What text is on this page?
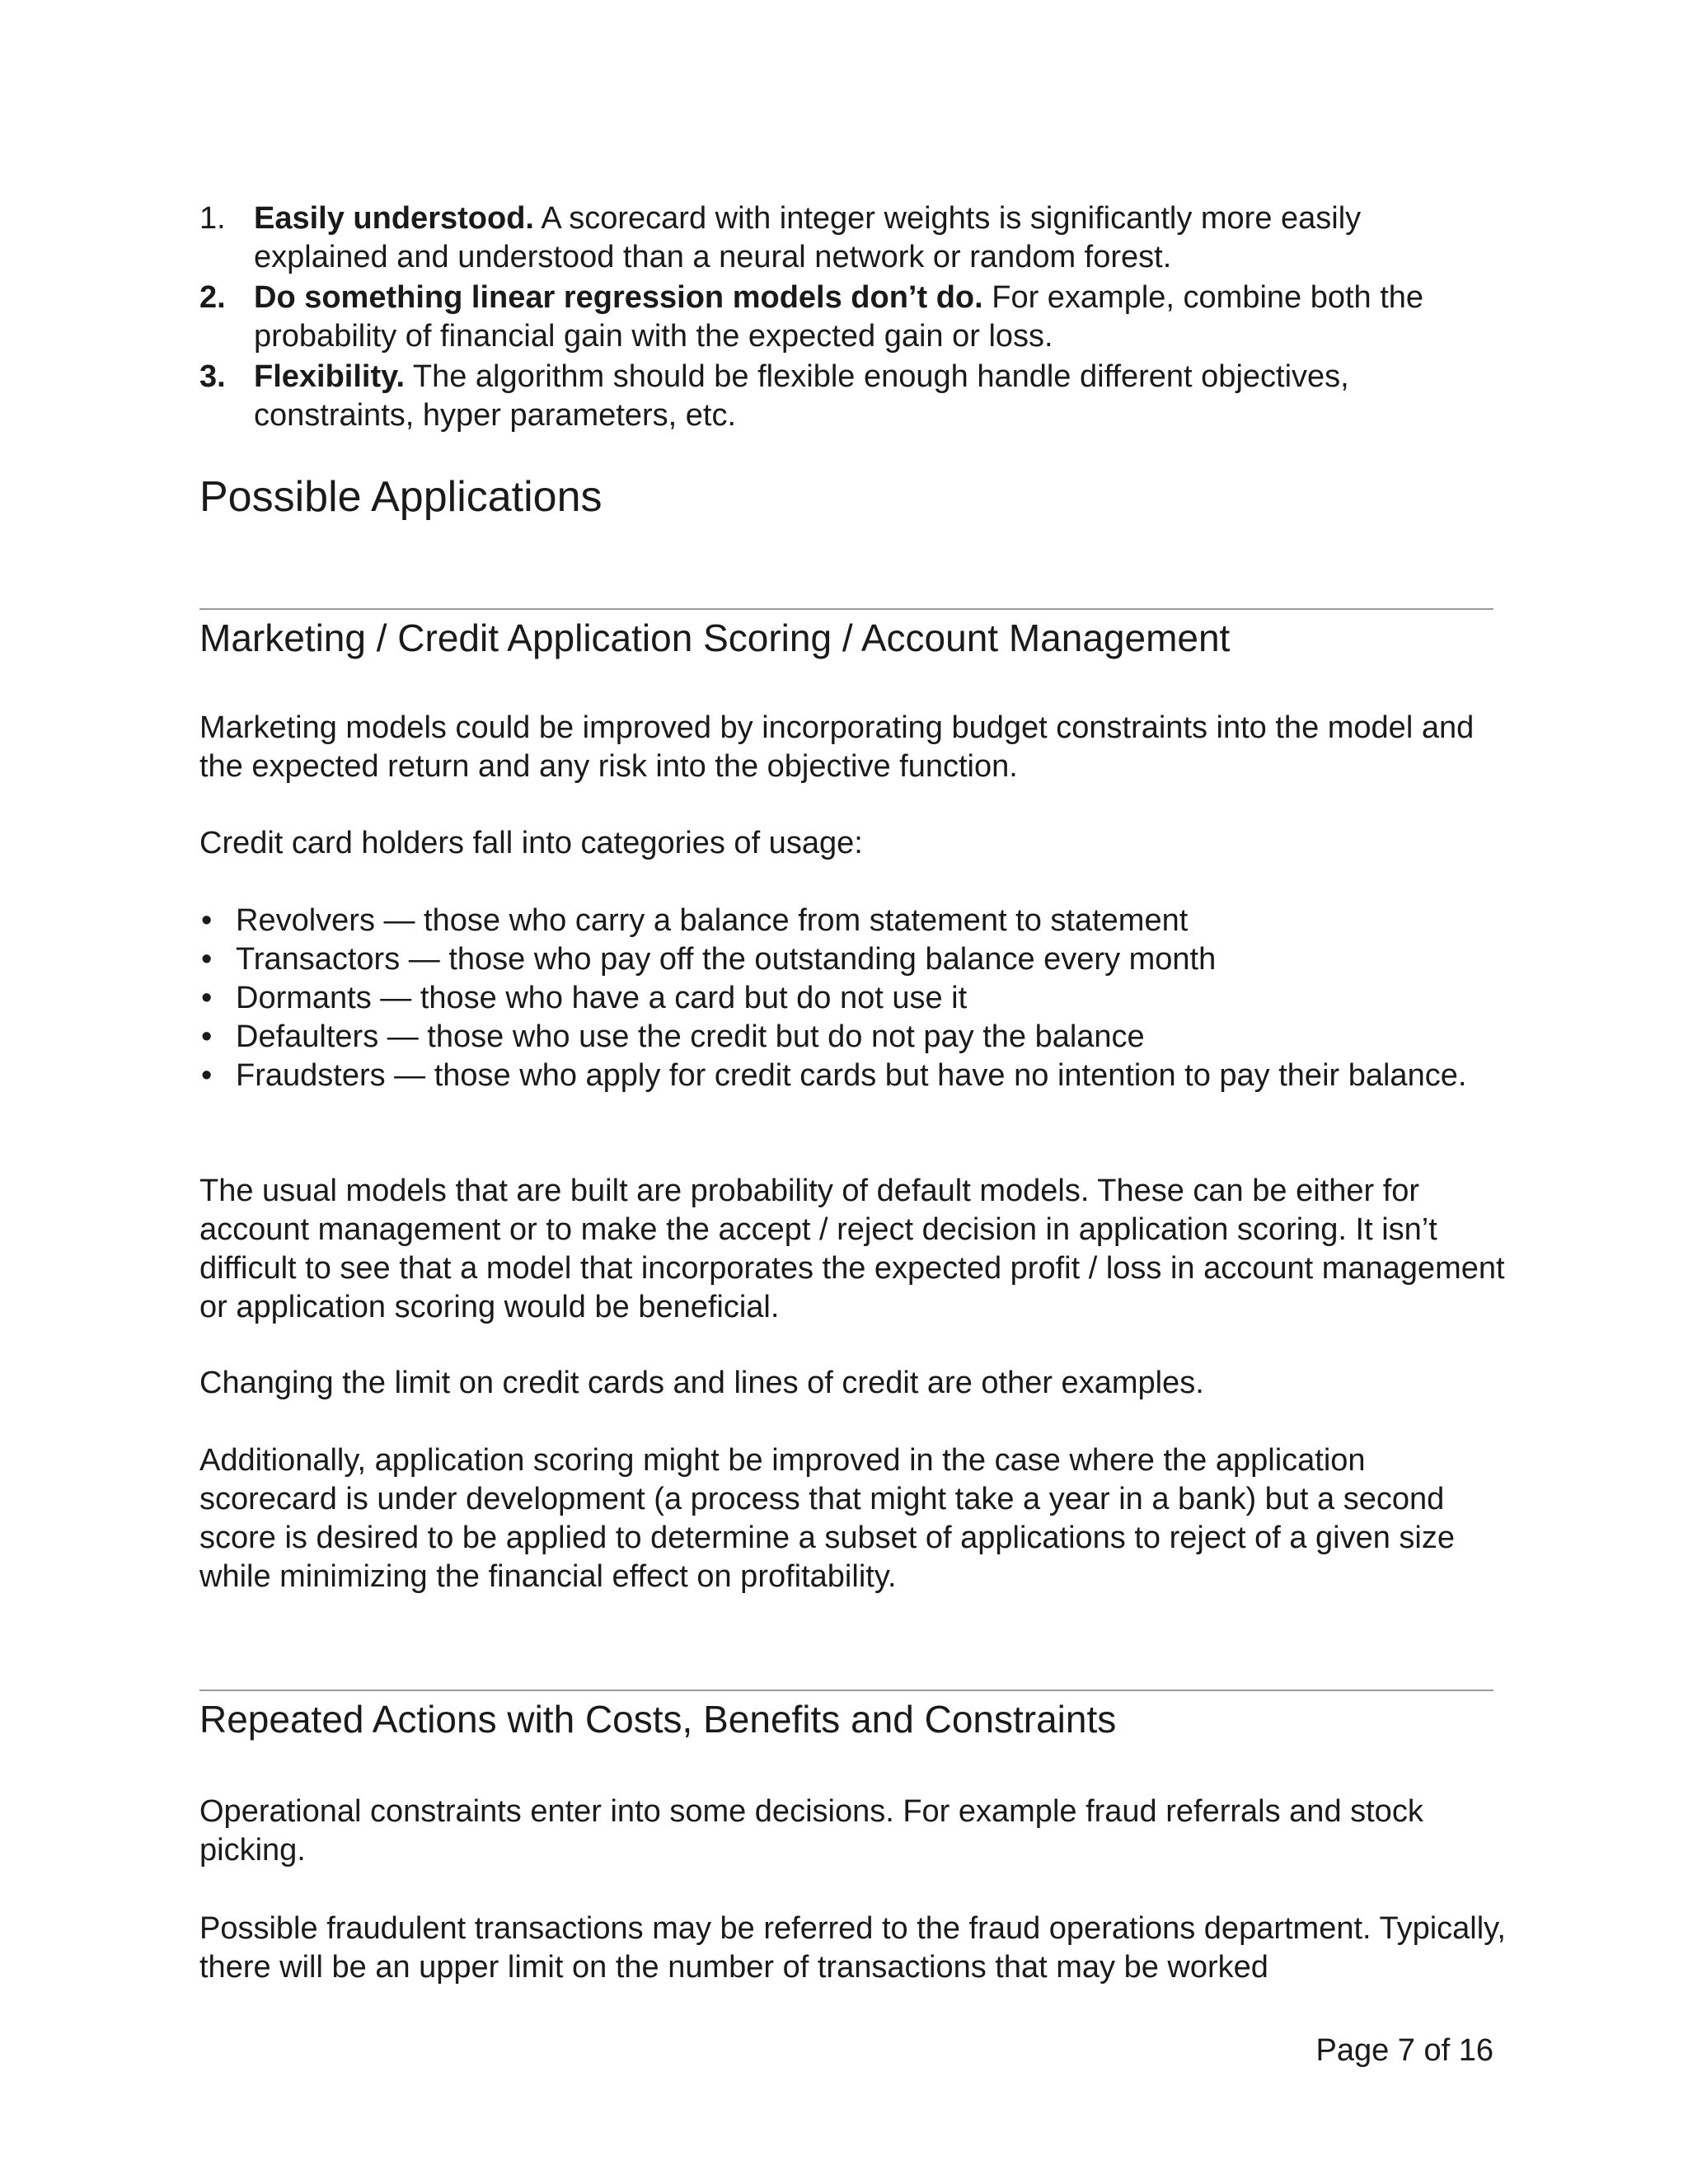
1. Easily understood. A scorecard with integer weights is significantly more easily explained and understood than a neural network or random forest.
2. Do something linear regression models don’t do. For example, combine both the probability of financial gain with the expected gain or loss.
3. Flexibility. The algorithm should be flexible enough handle different objectives, constraints, hyper parameters, etc.
Possible Applications
Marketing / Credit Application Scoring / Account Management

Marketing models could be improved by incorporating budget constraints into the model and the expected return and any risk into the objective function.

Credit card holders fall into categories of usage:

• Revolvers — those who carry a balance from statement to statement
• Transactors — those who pay off the outstanding balance every month
• Dormants — those who have a card but do not use it
• Defaulters — those who use the credit but do not pay the balance
• Fraudsters — those who apply for credit cards but have no intention to pay their balance.

The usual models that are built are probability of default models. These can be either for account management or to make the accept / reject decision in application scoring. It isn’t difficult to see that a model that incorporates the expected profit / loss in account management or application scoring would be beneficial.

Changing the limit on credit cards and lines of credit are other examples.

Additionally, application scoring might be improved in the case where the application scorecard is under development (a process that might take a year in a bank) but a second score is desired to be applied to determine a subset of applications to reject of a given size while minimizing the financial effect on profitability.

Repeated Actions with Costs, Benefits and Constraints

Operational constraints enter into some decisions. For example fraud referrals and stock picking.

Possible fraudulent transactions may be referred to the fraud operations department. Typically, there will be an upper limit on the number of transactions that may be worked

Page 7 of 16
